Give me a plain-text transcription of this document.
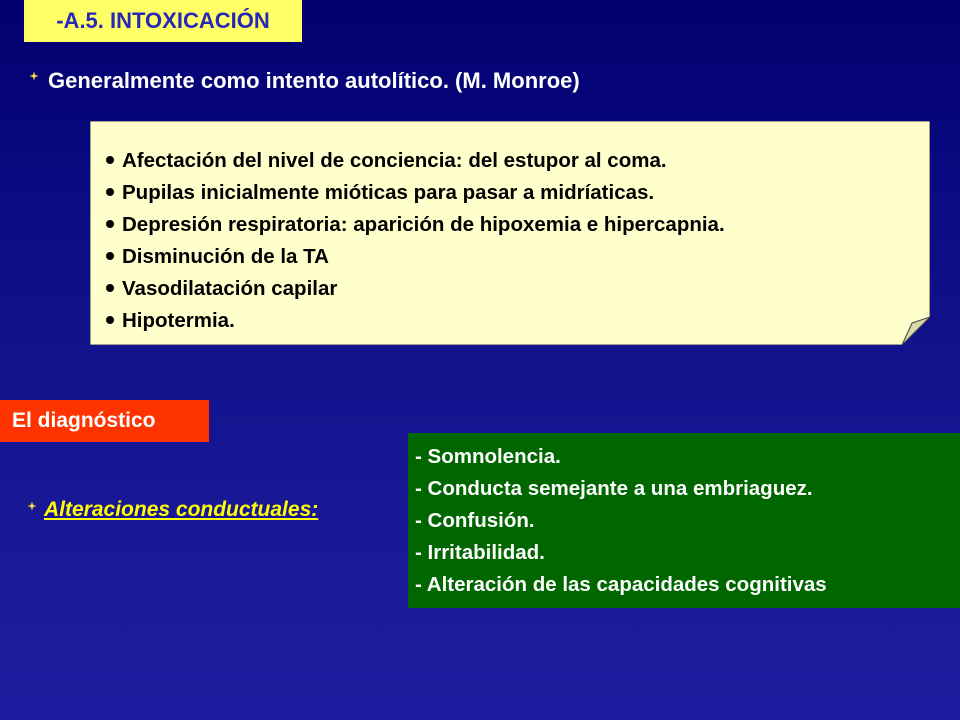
-A.5. INTOXICACIÓN
Generalmente como intento autolítico. (M. Monroe)
Afectación del nivel de conciencia: del estupor al coma.
Pupilas inicialmente mióticas para pasar a midríaticas.
Depresión respiratoria: aparición de hipoxemia e hipercapnia.
Disminución de la TA
Vasodilatación capilar
Hipotermia.
El diagnóstico
Alteraciones conductuales:
- Somnolencia.
- Conducta semejante a una embriaguez.
- Confusión.
- Irritabilidad.
- Alteración de las capacidades cognitivas
